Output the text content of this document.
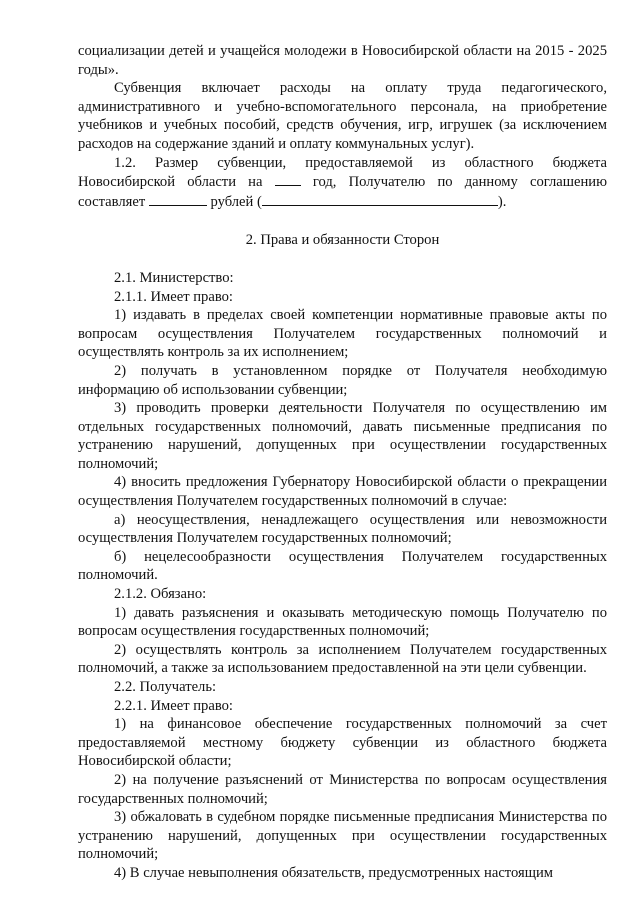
социализации детей и учащейся молодежи в Новосибирской области на 2015 - 2025 годы».

Субвенция включает расходы на оплату труда педагогического, административного и учебно-вспомогательного персонала, на приобретение учебников и учебных пособий, средств обучения, игр, игрушек (за исключением расходов на содержание зданий и оплату коммунальных услуг).

1.2. Размер субвенции, предоставляемой из областного бюджета Новосибирской области на  год, Получателю по данному соглашению составляет	рублей (	).

2. Права и обязанности Сторон

2.1. Министерство:

2.1.1. Имеет право:

1) издавать в пределах своей компетенции нормативные правовые акты по вопросам осуществления Получателем государственных полномочий и осуществлять контроль за их исполнением;

2) получать в установленном порядке от Получателя необходимую информацию об использовании субвенции;

3) проводить проверки деятельности Получателя по осуществлению им отдельных государственных полномочий, давать письменные предписания по устранению нарушений, допущенных при осуществлении государственных полномочий;

4) вносить предложения Губернатору Новосибирской области о прекращении осуществления Получателем государственных полномочий в случае:

а) неосуществления, ненадлежащего осуществления или невозможности осуществления Получателем государственных полномочий;

б) нецелесообразности осуществления Получателем государственных полномочий.

2.1.2. Обязано:

1) давать разъяснения и оказывать методическую помощь Получателю по вопросам осуществления государственных полномочий;

2) осуществлять контроль за исполнением Получателем государственных полномочий, а также за использованием предоставленной на эти цели субвенции.

2.2. Получатель:

2.2.1. Имеет право:

1) на финансовое обеспечение государственных полномочий за счет предоставляемой местному бюджету субвенции из областного бюджета Новосибирской области;

2) на получение разъяснений от Министерства по вопросам осуществления государственных полномочий;

3) обжаловать в судебном порядке письменные предписания Министерства по устранению нарушений, допущенных при осуществлении государственных полномочий;

4) В случае невыполнения обязательств, предусмотренных настоящим
